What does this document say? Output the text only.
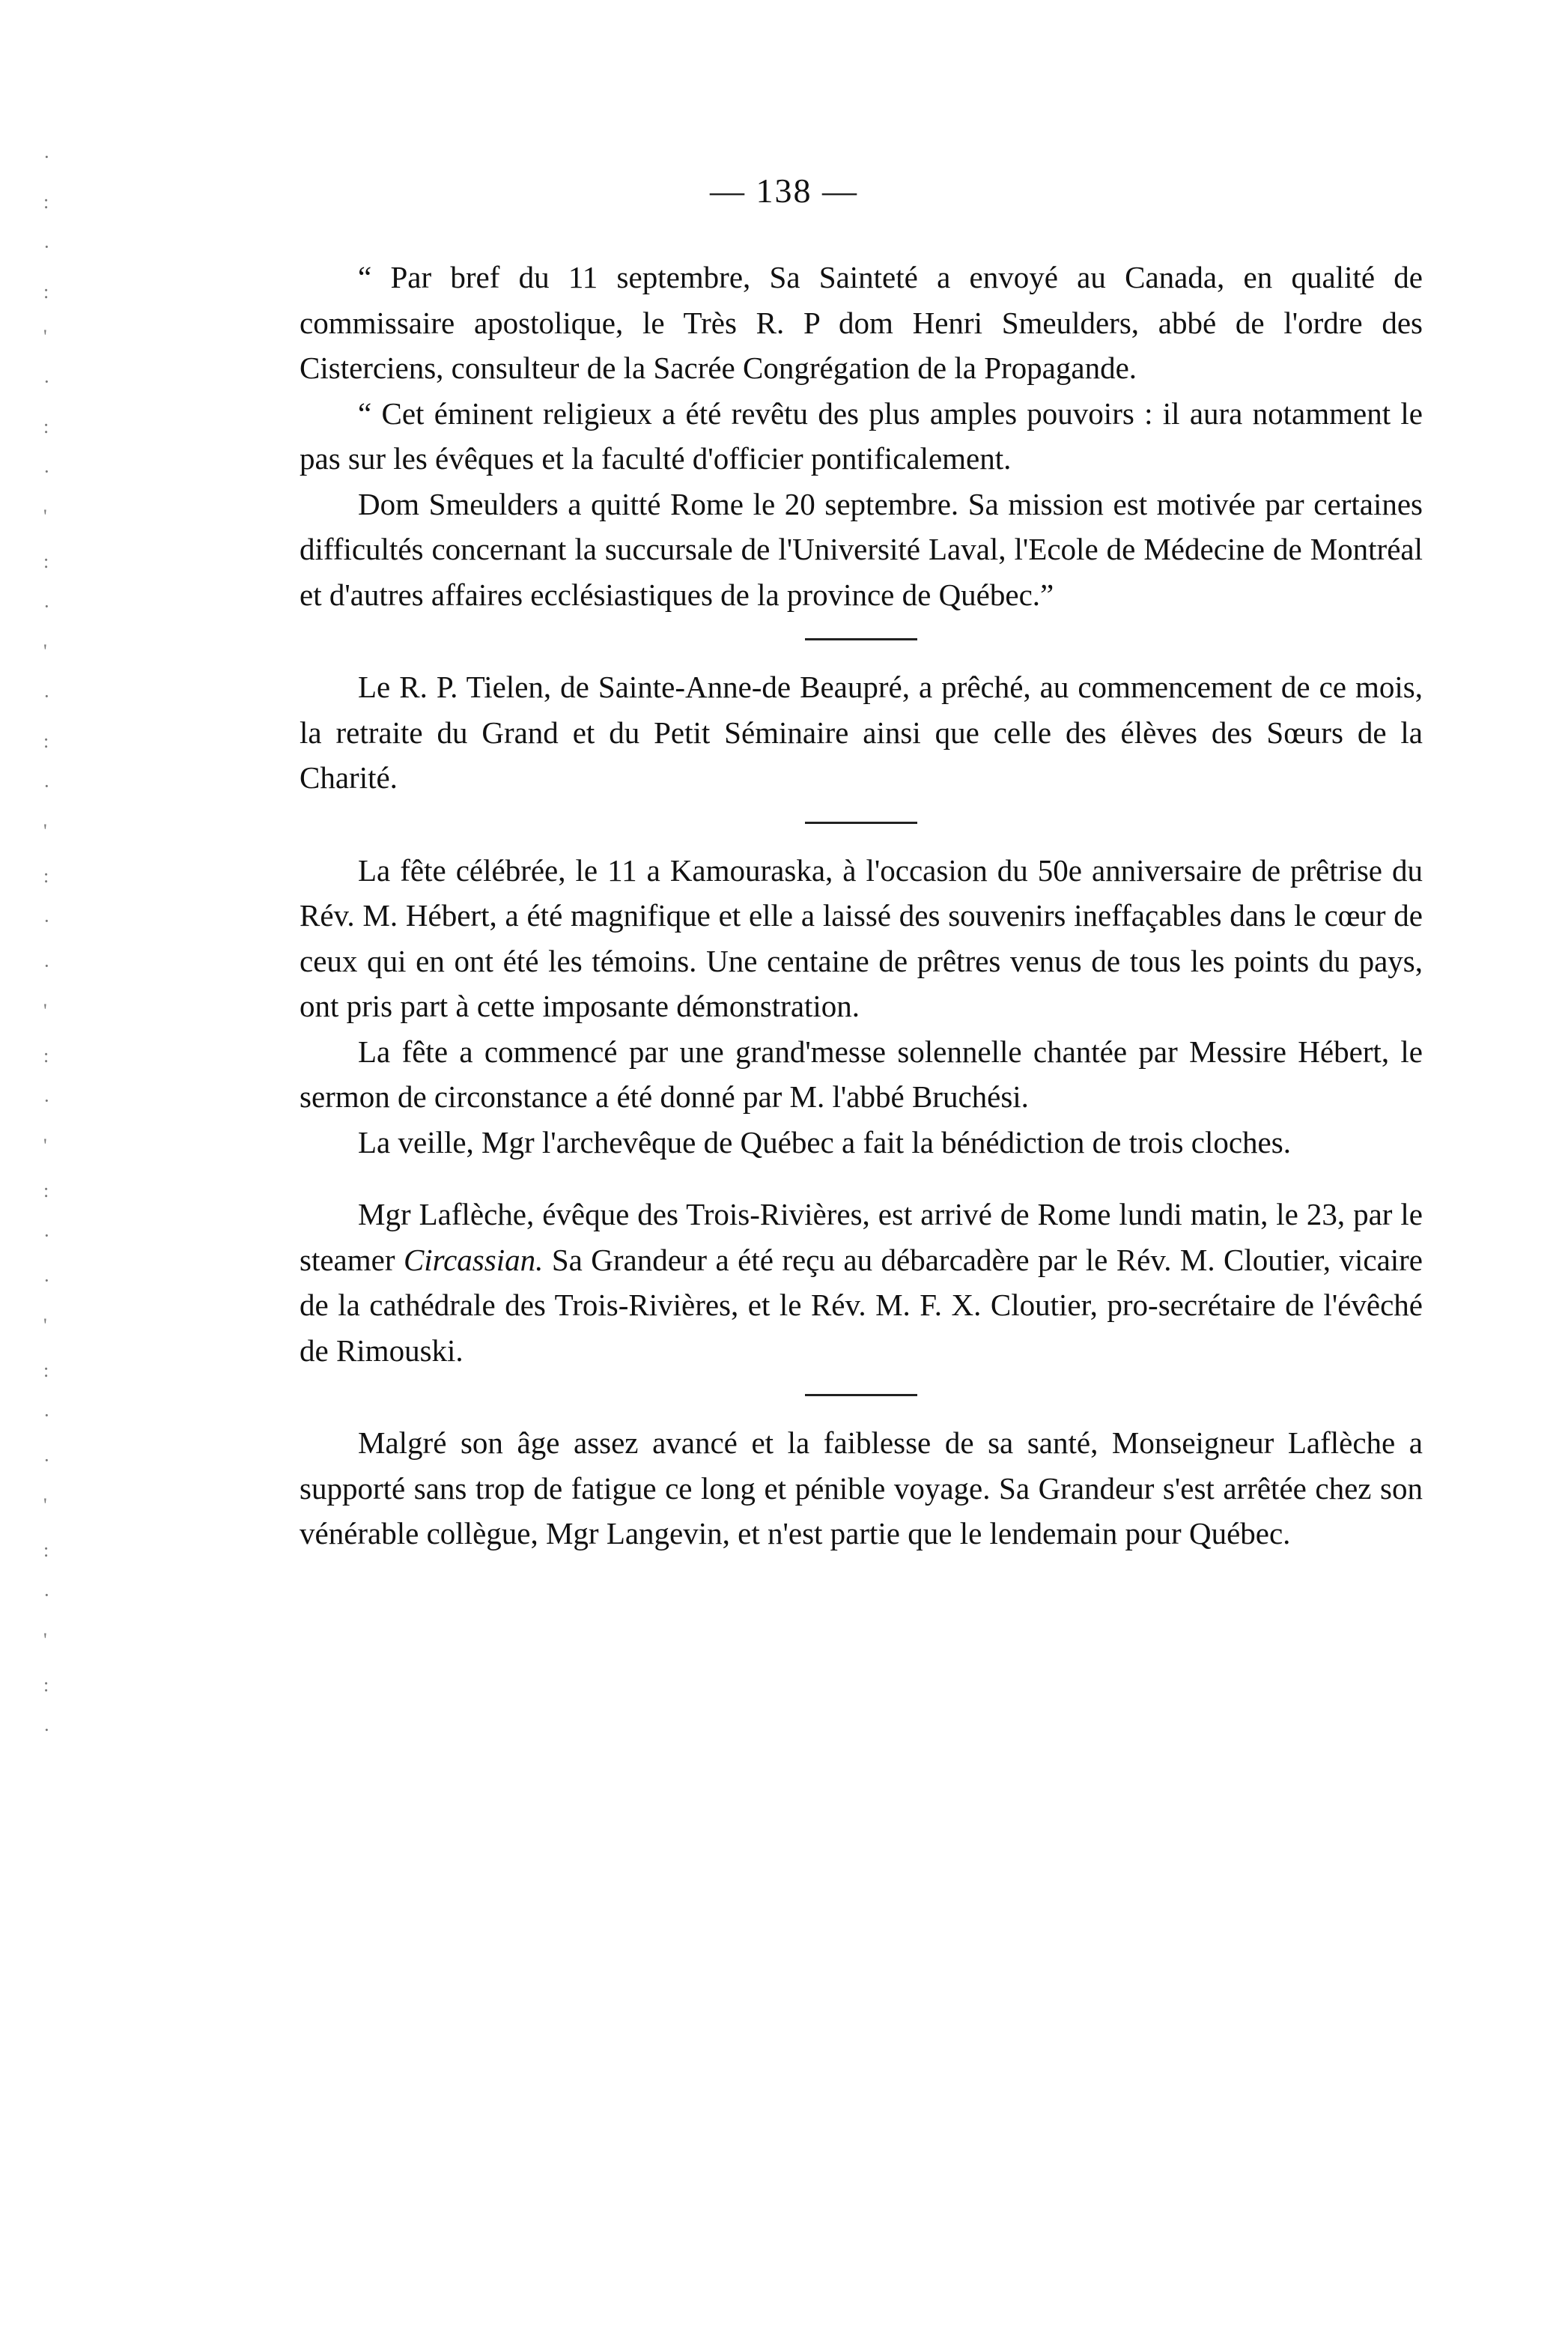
·
:
·
:
'
·
:
·
'
:
·
'
·
:
·
'
:
·
·
'
:
·
'
:
·
·
'
:
·
·
'
:
·
'
:
·
— 138 —

“ Par bref du 11 septembre, Sa Sainteté a envoyé au Canada, en qualité de commissaire apostolique, le Très R. P dom Henri Smeulders, abbé de l'ordre des Cisterciens, consulteur de la Sacrée Congrégation de la Propagande.

“ Cet éminent religieux a été revêtu des plus amples pouvoirs : il aura notamment le pas sur les évêques et la faculté d'officier pontificalement.

Dom Smeulders a quitté Rome le 20 septembre. Sa mission est motivée par certaines difficultés concernant la succursale de l'Université Laval, l'Ecole de Médecine de Montréal et d'autres affaires ecclésiastiques de la province de Québec.”

Le R. P. Tielen, de Sainte-Anne-de Beaupré, a prêché, au commencement de ce mois, la retraite du Grand et du Petit Séminaire ainsi que celle des élèves des Sœurs de la Charité.

La fête célébrée, le 11 a Kamouraska, à l'occasion du 50e anniversaire de prêtrise du Rév. M. Hébert, a été magnifique et elle a laissé des souvenirs ineffaçables dans le cœur de ceux qui en ont été les témoins. Une centaine de prêtres venus de tous les points du pays, ont pris part à cette imposante démonstration.

La fête a commencé par une grand'messe solennelle chantée par Messire Hébert, le sermon de circonstance a été donné par M. l'abbé Bruchési.

La veille, Mgr l'archevêque de Québec a fait la bénédiction de trois cloches.

Mgr Laflèche, évêque des Trois-Rivières, est arrivé de Rome lundi matin, le 23, par le steamer Circassian. Sa Grandeur a été reçu au débarcadère par le Rév. M. Cloutier, vicaire de la cathédrale des Trois-Rivières, et le Rév. M. F. X. Cloutier, pro-secrétaire de l'évêché de Rimouski.

Malgré son âge assez avancé et la faiblesse de sa santé, Monseigneur Laflèche a supporté sans trop de fatigue ce long et pénible voyage. Sa Grandeur s'est arrêtée chez son vénérable collègue, Mgr Langevin, et n'est partie que le lendemain pour Québec.
